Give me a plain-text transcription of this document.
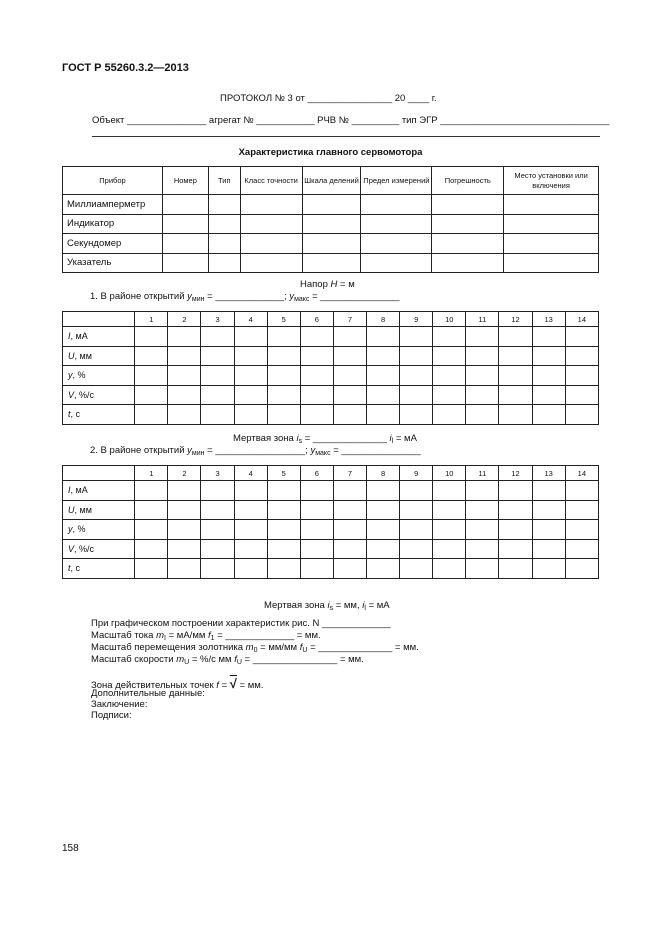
ГОСТ Р 55260.3.2—2013
ПРОТОКОЛ № 3 от ________________ 20 ____ г.
Объект _______________ агрегат № ___________ РЧВ № _________ тип ЭГР ________________________________
Характеристика главного сервомотора
Прибор	Номер	Тип	Класс точности	Шкала делений	Предел измерений	Погрешность	Место установки или включения
Миллиамперметр							
Индикатор							
Секундомер							
Указатель							
Напор H = м
1. В районе открытий $y_{мин}$ = _____________; $y_{макс}$ = _______________
	1	2	3	4	5	6	7	8	9	10	11	12	13	14
I, мА														
U, мм														
y, %														
V, %/с														
t, с														
Мертвая зона $i_s$ = ______________ $i_l$ = мА
2. В районе открытий $y_{мин}$ = _________________; $y_{макс}$ = _______________
	1	2	3	4	5	6	7	8	9	10	11	12	13	14
I, мА														
U, мм														
y, %														
V, %/с														
t, с														
Мертвая зона $i_s$ = мм, $i_l$ = мА
При графическом построении характеристик рис. N _____________
Масштаб тока $m_I = мА/мм$ $f_1$ = _____________ = мм.
Масштаб перемещения золотника $m_0 = мм/мм$ $f_U$ = ______________ = мм.
Масштаб скорости $m_U = \%/с$ мм $f_U$ = ________________ = мм.
Зона действительных точек f = √ = мм.
Дополнительные данные:
Заключение:
Подписи:
158
